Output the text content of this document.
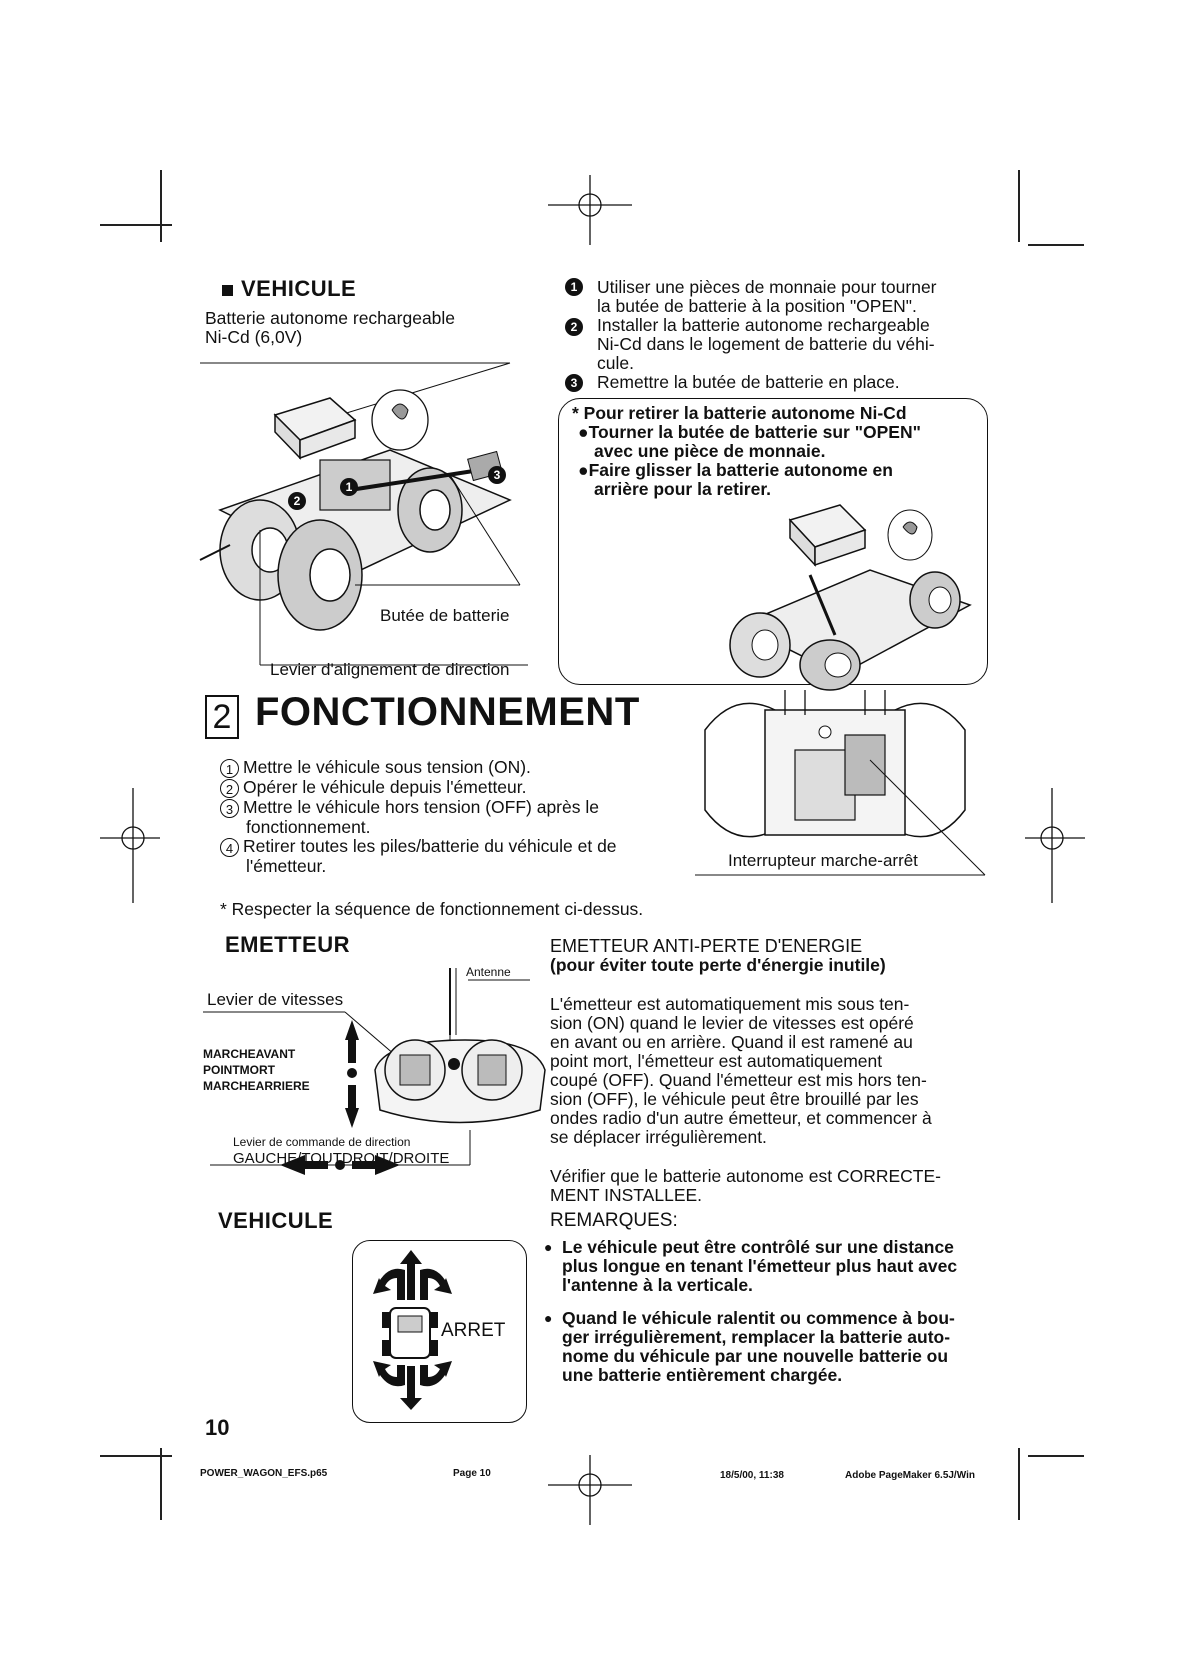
VEHICULE
Batterie autonome rechargeable
Ni-Cd (6,0V)
2
1
3
Butée de batterie
Levier d'alignement de direction
1	Utiliser une pièces de monnaie pour tourner
la butée de batterie à la position "OPEN".
2	Installer la batterie autonome rechargeable
Ni-Cd dans le logement de batterie du véhi-
cule.
3	Remettre la butée de batterie en place.
* Pour retirer la batterie autonome Ni-Cd
●Tourner la butée de batterie sur "OPEN"
avec une pièce de monnaie.
●Faire glisser la batterie autonome en
arrière pour la retirer.
2 FONCTIONNEMENT
1 Mettre le véhicule sous tension (ON).
2 Opérer le véhicule depuis l'émetteur.
3 Mettre le véhicule hors tension (OFF) après le
fonctionnement.
4 Retirer toutes les piles/batterie du véhicule et de
l'émetteur.
* Respecter la séquence de fonctionnement ci-dessus.
Interrupteur marche-arrêt
EMETTEUR
Antenne
Levier de vitesses
MARCHEAVANT
POINTMORT
MARCHEARRIERE
Levier de commande de direction
GAUCHE/TOUTDROIT/DROITE
VEHICULE
ARRET
EMETTEUR ANTI-PERTE D'ENERGIE
(pour éviter toute perte d'énergie inutile)
L'émetteur est automatiquement mis sous ten-
sion (ON) quand le levier de vitesses est opéré
en avant ou en arrière. Quand il est ramené au
point mort, l'émetteur est automatiquement
coupé (OFF). Quand l'émetteur est mis hors ten-
sion (OFF), le véhicule peut être brouillé par les
ondes radio d'un autre émetteur, et commencer à
se déplacer irrégulièrement.
Vérifier que le batterie autonome est CORRECTE-
MENT INSTALLEE.
REMARQUES:
● Le véhicule peut être contrôlé sur une distance
plus longue en tenant l'émetteur plus haut avec
l'antenne à la verticale.
● Quand le véhicule ralentit ou commence à bou-
ger irrégulièrement, remplacer la batterie auto-
nome du véhicule par une nouvelle batterie ou
une batterie entièrement chargée.
10
POWER_WAGON_EFS.p65	Page 10	18/5/00, 11:38	Adobe PageMaker 6.5J/Win
